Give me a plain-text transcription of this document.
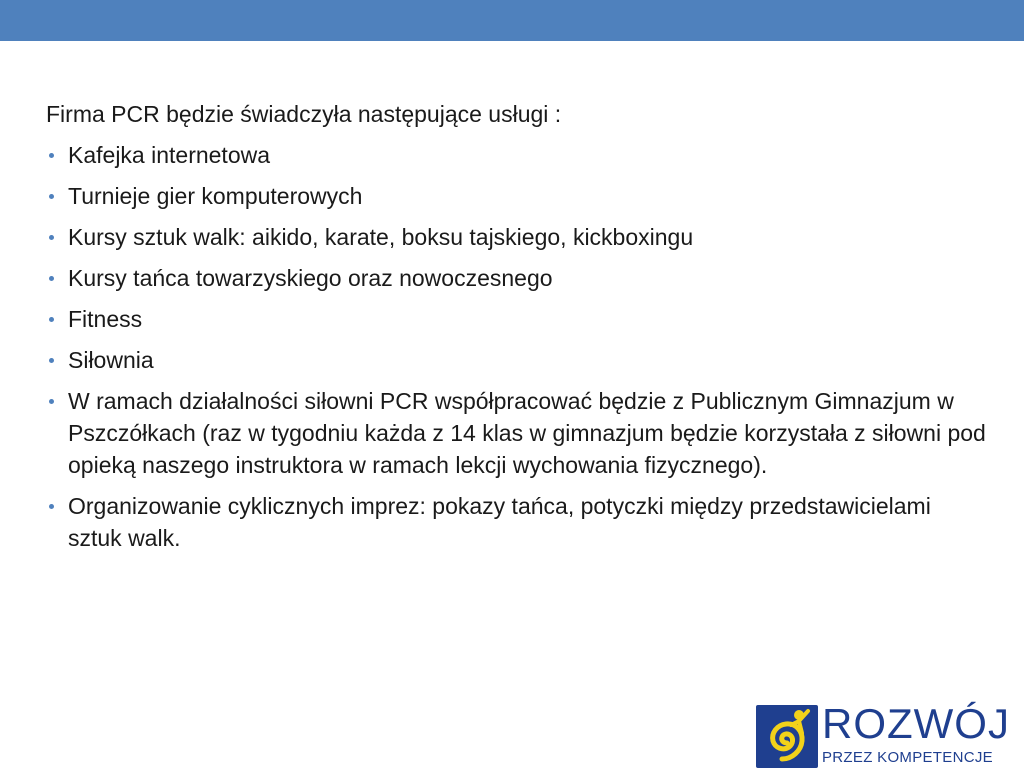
Firma PCR będzie świadczyła następujące usługi :
Kafejka internetowa
Turnieje gier komputerowych
Kursy sztuk walk: aikido, karate, boksu tajskiego, kickboxingu
Kursy tańca towarzyskiego oraz nowoczesnego
Fitness
Siłownia
W ramach działalności siłowni PCR współpracować będzie z Publicznym Gimnazjum w Pszczółkach (raz w tygodniu każda z 14 klas w gimnazjum będzie korzystała z siłowni pod opieką naszego instruktora w ramach lekcji wychowania fizycznego).
Organizowanie cyklicznych imprez: pokazy tańca, potyczki między przedstawicielami sztuk walk.
ROZWÓJ
PRZEZ KOMPETENCJE
